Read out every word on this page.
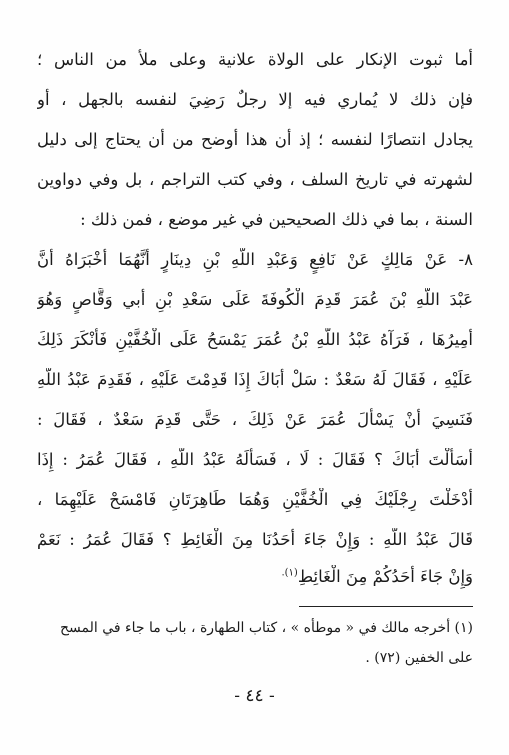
أما ثبوت الإنكار على الولاة علانية وعلى ملأ من الناس ؛
فإن ذلك لا يُماري فيه إلا رجلٌ رَضِيَ لنفسه بالجهل ، أو
يجادل انتصارًا لنفسه ؛ إذ أن هذا أوضح من أن يحتاج إلى دليل
لشهرته في تاريخ السلف ، وفي كتب التراجم ، بل وفي دواوين
السنة ، بما في ذلك الصحيحين في غير موضع ، فمن ذلك :
٨- عَنْ مَالِكٍ عَنْ نَافِعٍ وَعَبْدِ اللَّهِ بْنِ دِينَارٍ أَنَّهُمَا أَخْبَرَاهُ أَنَّ
عَبْدَ اللَّهِ بْنَ عُمَرَ قَدِمَ الْكُوفَةَ عَلَى سَعْدِ بْنِ أبي وَقَّاصٍ وَهُوَ
أَمِيرُهَا ، فَرَآهُ عَبْدُ اللَّهِ بْنُ عُمَرَ يَمْسَحُ عَلَى الْخُفَّيْنِ فَأَنْكَرَ ذَلِكَ
عَلَيْهِ ، فَقَالَ لَهُ سَعْدٌ : سَلْ أَبَاكَ إِذَا قَدِمْتَ عَلَيْهِ ، فَقَدِمَ عَبْدُ اللَّهِ
فَنَسِيَ أَنْ يَسْأَلَ عُمَرَ عَنْ ذَلِكَ ، حَتَّى قَدِمَ سَعْدٌ ، فَقَالَ :
أَسَأَلْتَ أَبَاكَ ؟ فَقَالَ : لَا ، فَسَأَلَهُ عَبْدُ اللَّهِ ، فَقَالَ عُمَرُ : إِذَا
أَدْخَلْتَ رِجْلَيْكَ فِي الْخُفَّيْنِ وَهُمَا طَاهِرَتَانِ فَامْسَحْ عَلَيْهِمَا ،
قَالَ عَبْدُ اللَّهِ : وَإِنْ جَاءَ أَحَدُنَا مِنَ الْغَائِطِ ؟ فَقَالَ عُمَرُ : نَعَمْ
وَإِنْ جَاءَ أَحَدُكُمْ مِنَ الْغَائِطِ$^{(١).}$
(١) أخرجه مالك في « موطأه » ، كتاب الطهارة ، باب ما جاء في المسح
على الخفين (٧٢) .
- ٤٤ -
